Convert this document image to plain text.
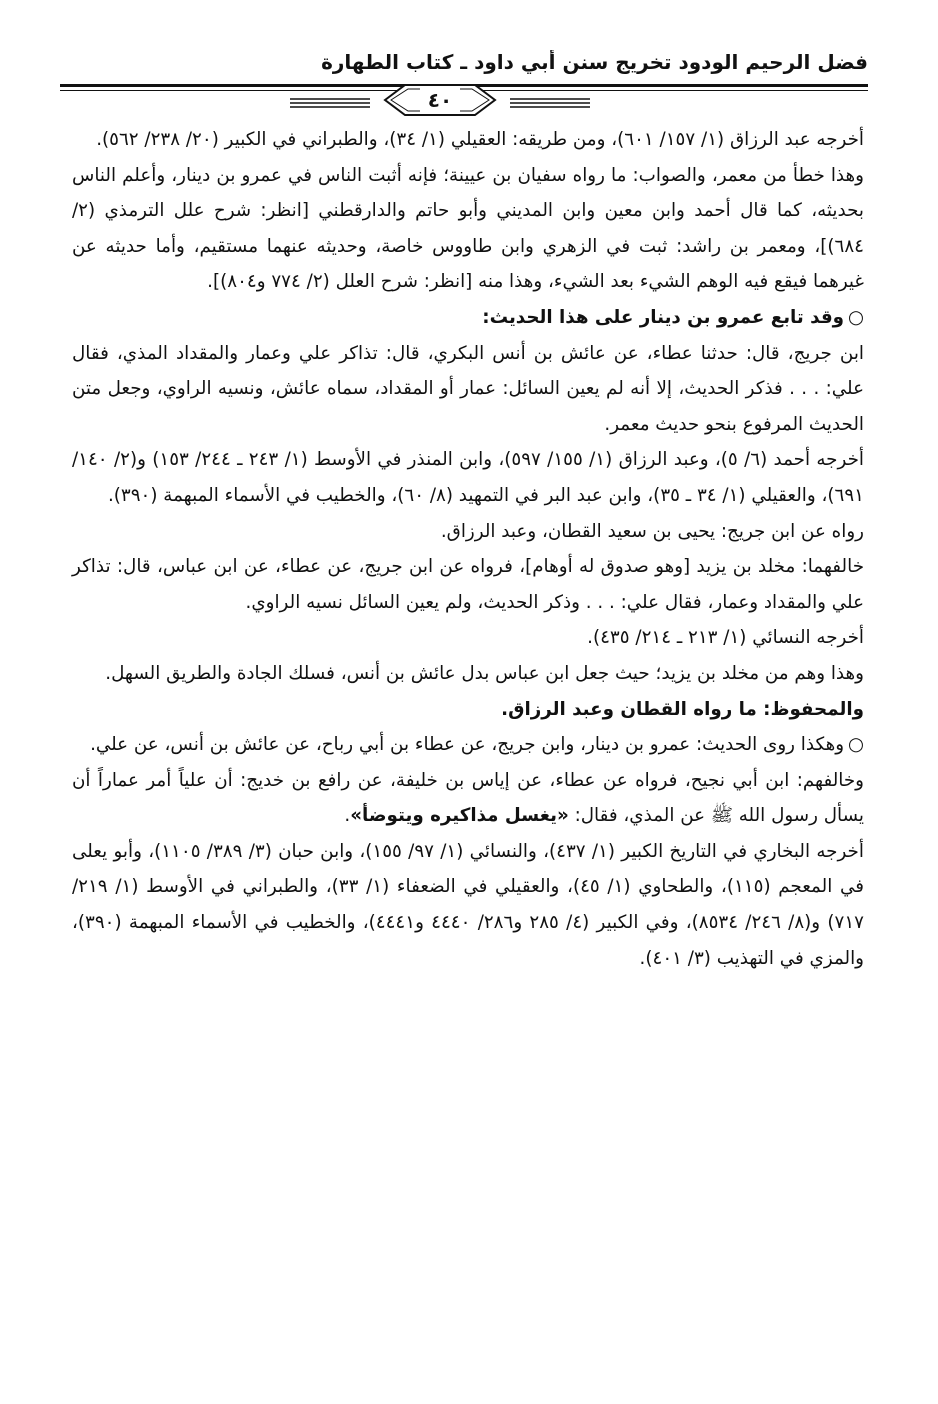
فضل الرحيم الودود تخريج سنن أبي داود ـ كتاب الطهارة
٤٠

أخرجه عبد الرزاق (١/ ١٥٧/ ٦٠١)، ومن طريقه: العقيلي (١/ ٣٤)، والطبراني في الكبير (٢٠/ ٢٣٨/ ٥٦٢).

وهذا خطأ من معمر، والصواب: ما رواه سفيان بن عيينة؛ فإنه أثبت الناس في عمرو بن دينار، وأعلم الناس بحديثه، كما قال أحمد وابن معين وابن المديني وأبو حاتم والدارقطني [انظر: شرح علل الترمذي (٢/ ٦٨٤)]، ومعمر بن راشد: ثبت في الزهري وابن طاووس خاصة، وحديثه عنهما مستقيم، وأما حديثه عن غيرهما فيقع فيه الوهم الشيء بعد الشيء، وهذا منه [انظر: شرح العلل (٢/ ٧٧٤ و٨٠٤)].

○وقد تابع عمرو بن دينار على هذا الحديث:

ابن جريج، قال: حدثنا عطاء، عن عائش بن أنس البكري، قال: تذاكر علي وعمار والمقداد المذي، فقال علي: . . . فذكر الحديث، إلا أنه لم يعين السائل: عمار أو المقداد، سماه عائش، ونسيه الراوي، وجعل متن الحديث المرفوع بنحو حديث معمر.

أخرجه أحمد (٦/ ٥)، وعبد الرزاق (١/ ١٥٥/ ٥٩٧)، وابن المنذر في الأوسط (١/ ٢٤٣ ـ ٢٤٤/ ١٥٣) و(٢/ ١٤٠/ ٦٩١)، والعقيلي (١/ ٣٤ ـ ٣٥)، وابن عبد البر في التمهيد (٨/ ٦٠)، والخطيب في الأسماء المبهمة (٣٩٠).

رواه عن ابن جريج: يحيى بن سعيد القطان، وعبد الرزاق.

خالفهما: مخلد بن يزيد [وهو صدوق له أوهام]، فرواه عن ابن جريج، عن عطاء، عن ابن عباس، قال: تذاكر علي والمقداد وعمار، فقال علي: . . . وذكر الحديث، ولم يعين السائل نسيه الراوي.

أخرجه النسائي (١/ ٢١٣ ـ ٢١٤/ ٤٣٥).

وهذا وهم من مخلد بن يزيد؛ حيث جعل ابن عباس بدل عائش بن أنس، فسلك الجادة والطريق السهل.

والمحفوظ: ما رواه القطان وعبد الرزاق.

○وهكذا روى الحديث: عمرو بن دينار، وابن جريج، عن عطاء بن أبي رباح، عن عائش بن أنس، عن علي.

وخالفهم: ابن أبي نجيح، فرواه عن عطاء، عن إياس بن خليفة، عن رافع بن خديج: أن علياً أمر عماراً أن يسأل رسول الله ﷺ عن المذي، فقال: «يغسل مذاكيره ويتوضأ».

أخرجه البخاري في التاريخ الكبير (١/ ٤٣٧)، والنسائي (١/ ٩٧/ ١٥٥)، وابن حبان (٣/ ٣٨٩/ ١١٠٥)، وأبو يعلى في المعجم (١١٥)، والطحاوي (١/ ٤٥)، والعقيلي في الضعفاء (١/ ٣٣)، والطبراني في الأوسط (١/ ٢١٩/ ٧١٧) و(٨/ ٢٤٦/ ٨٥٣٤)، وفي الكبير (٤/ ٢٨٥ و٢٨٦/ ٤٤٤٠ و٤٤٤١)، والخطيب في الأسماء المبهمة (٣٩٠)، والمزي في التهذيب (٣/ ٤٠١).
